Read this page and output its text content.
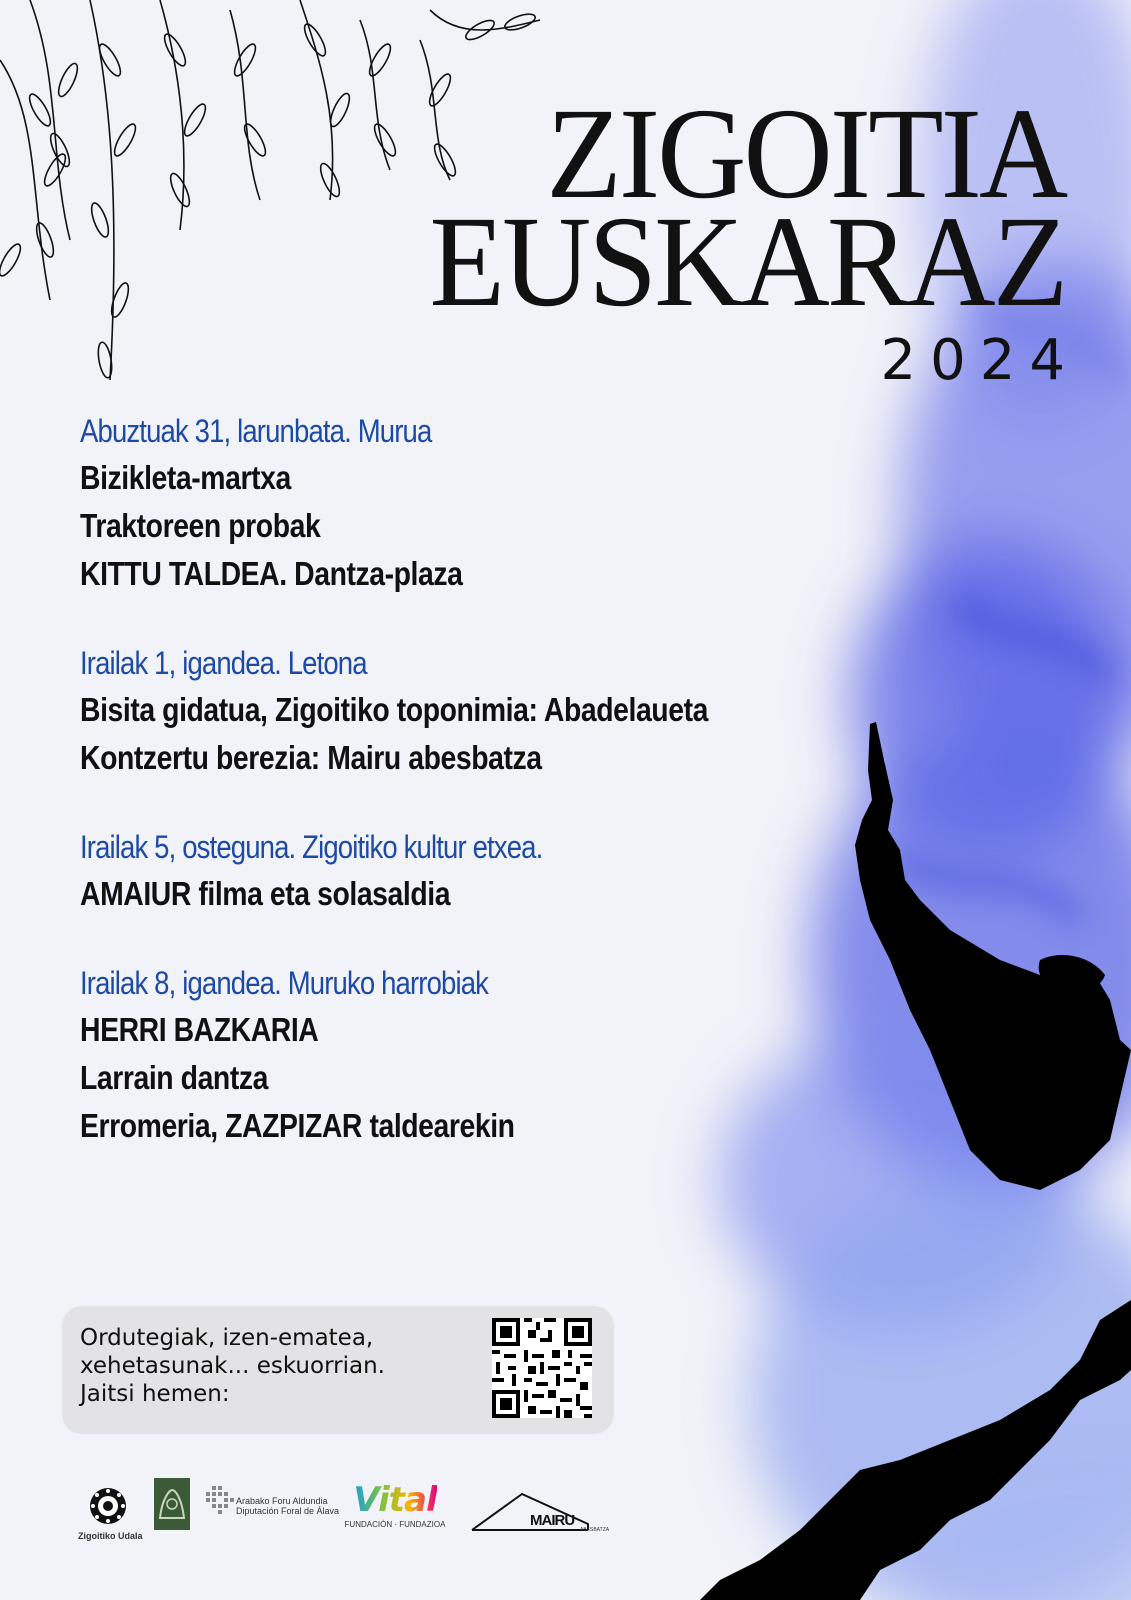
ZIGOITIA
EUSKARAZ
2024
Abuztuak 31, larunbata. Murua
Bizikleta-martxa
Traktoreen probak
KITTU TALDEA. Dantza-plaza
Irailak 1, igandea. Letona
Bisita gidatua, Zigoitiko toponimia: Abadelaueta
Kontzertu berezia: Mairu abesbatza
Irailak 5, osteguna. Zigoitiko kultur etxea.
AMAIUR filma eta solasaldia
Irailak 8, igandea. Muruko harrobiak
HERRI BAZKARIA
Larrain dantza
Erromeria, ZAZPIZAR taldearekin
Ordutegiak, izen-ematea,
xehetasunak... eskuorrian.
Jaitsi hemen:
Zigoitiko Udala
Arabako Foru Aldundia
Diputación Foral de Álava Vital
FUNDACIÓN · FUNDAZIOA	MAIRU
ABESBATZA
